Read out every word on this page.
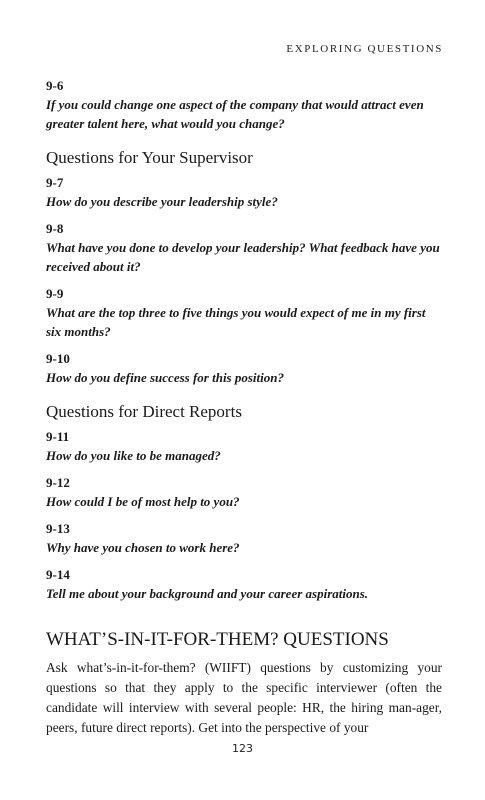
EXPLORING QUESTIONS

9-6

If you could change one aspect of the company that would attract even greater talent here, what would you change?

Questions for Your Supervisor

9-7

How do you describe your leadership style?

9-8

What have you done to develop your leadership? What feedback have you received about it?

9-9

What are the top three to five things you would expect of me in my first six months?

9-10

How do you define success for this position?

Questions for Direct Reports

9-11

How do you like to be managed?

9-12

How could I be of most help to you?

9-13

Why have you chosen to work here?

9-14

Tell me about your background and your career aspirations.

WHAT’S-IN-IT-FOR-THEM? QUESTIONS

Ask what’s-in-it-for-them? (WIIFT) questions by customizing your questions so that they apply to the specific interviewer (often the candidate will interview with several people: HR, the hiring man-ager, peers, future direct reports). Get into the perspective of your

123
